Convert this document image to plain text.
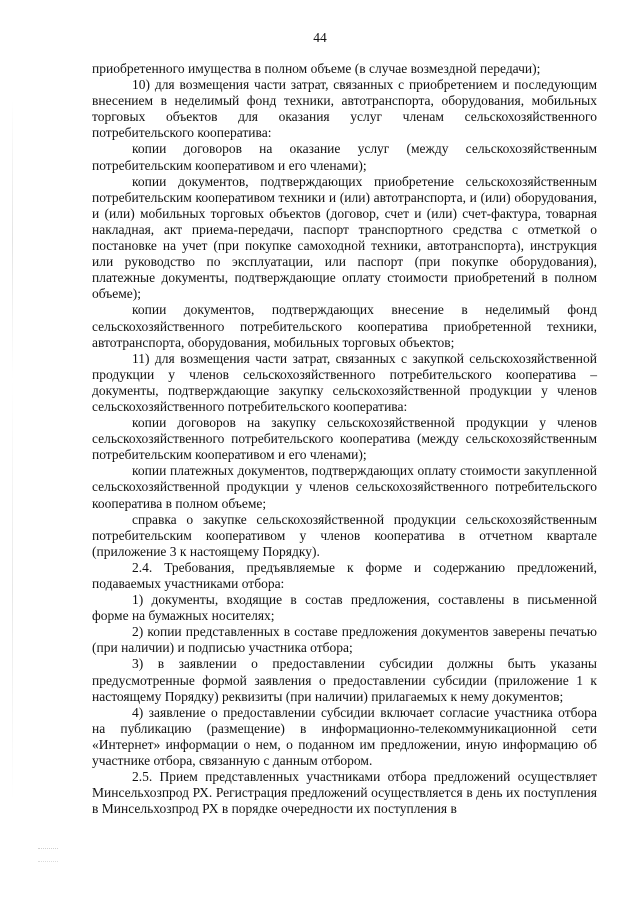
44

приобретенного имущества в полном объеме (в случае возмездной передачи);

10) для возмещения части затрат, связанных с приобретением и последующим внесением в неделимый фонд техники, автотранспорта, оборудования, мобильных торговых объектов для оказания услуг членам сельскохозяйственного потребительского кооператива:

копии договоров на оказание услуг (между сельскохозяйственным потребительским кооперативом и его членами);

копии документов, подтверждающих приобретение сельскохозяйственным потребительским кооперативом техники и (или) автотранспорта, и (или) оборудования, и (или) мобильных торговых объектов (договор, счет и (или) счет-фактура, товарная накладная, акт приема-передачи, паспорт транспортного средства с отметкой о постановке на учет (при покупке самоходной техники, автотранспорта), инструкция или руководство по эксплуатации, или паспорт (при покупке оборудования), платежные документы, подтверждающие оплату стоимости приобретений в полном объеме);

копии документов, подтверждающих внесение в неделимый фонд сельскохозяйственного потребительского кооператива приобретенной техники, автотранспорта, оборудования, мобильных торговых объектов;

11) для возмещения части затрат, связанных с закупкой сельскохозяйственной продукции у членов сельскохозяйственного потребительского кооператива – документы, подтверждающие закупку сельскохозяйственной продукции у членов сельскохозяйственного потребительского кооператива:

копии договоров на закупку сельскохозяйственной продукции у членов сельскохозяйственного потребительского кооператива (между сельскохозяйственным потребительским кооперативом и его членами);

копии платежных документов, подтверждающих оплату стоимости закупленной сельскохозяйственной продукции у членов сельскохозяйственного потребительского кооператива в полном объеме;

справка о закупке сельскохозяйственной продукции сельскохозяйственным потребительским кооперативом у членов кооператива в отчетном квартале (приложение 3 к настоящему Порядку).

2.4. Требования, предъявляемые к форме и содержанию предложений, подаваемых участниками отбора:

1) документы, входящие в состав предложения, составлены в письменной форме на бумажных носителях;

2) копии представленных в составе предложения документов заверены печатью (при наличии) и подписью участника отбора;

3) в заявлении о предоставлении субсидии должны быть указаны предусмотренные формой заявления о предоставлении субсидии (приложение 1 к настоящему Порядку) реквизиты (при наличии) прилагаемых к нему документов;

4) заявление о предоставлении субсидии включает согласие участника отбора на публикацию (размещение) в информационно-телекоммуникационной сети «Интернет» информации о нем, о поданном им предложении, иную информацию об участнике отбора, связанную с данным отбором.

2.5. Прием представленных участниками отбора предложений осуществляет Минсельхозпрод РХ. Регистрация предложений осуществляется в день их поступления в Минсельхозпрод РХ в порядке очередности их поступления в
